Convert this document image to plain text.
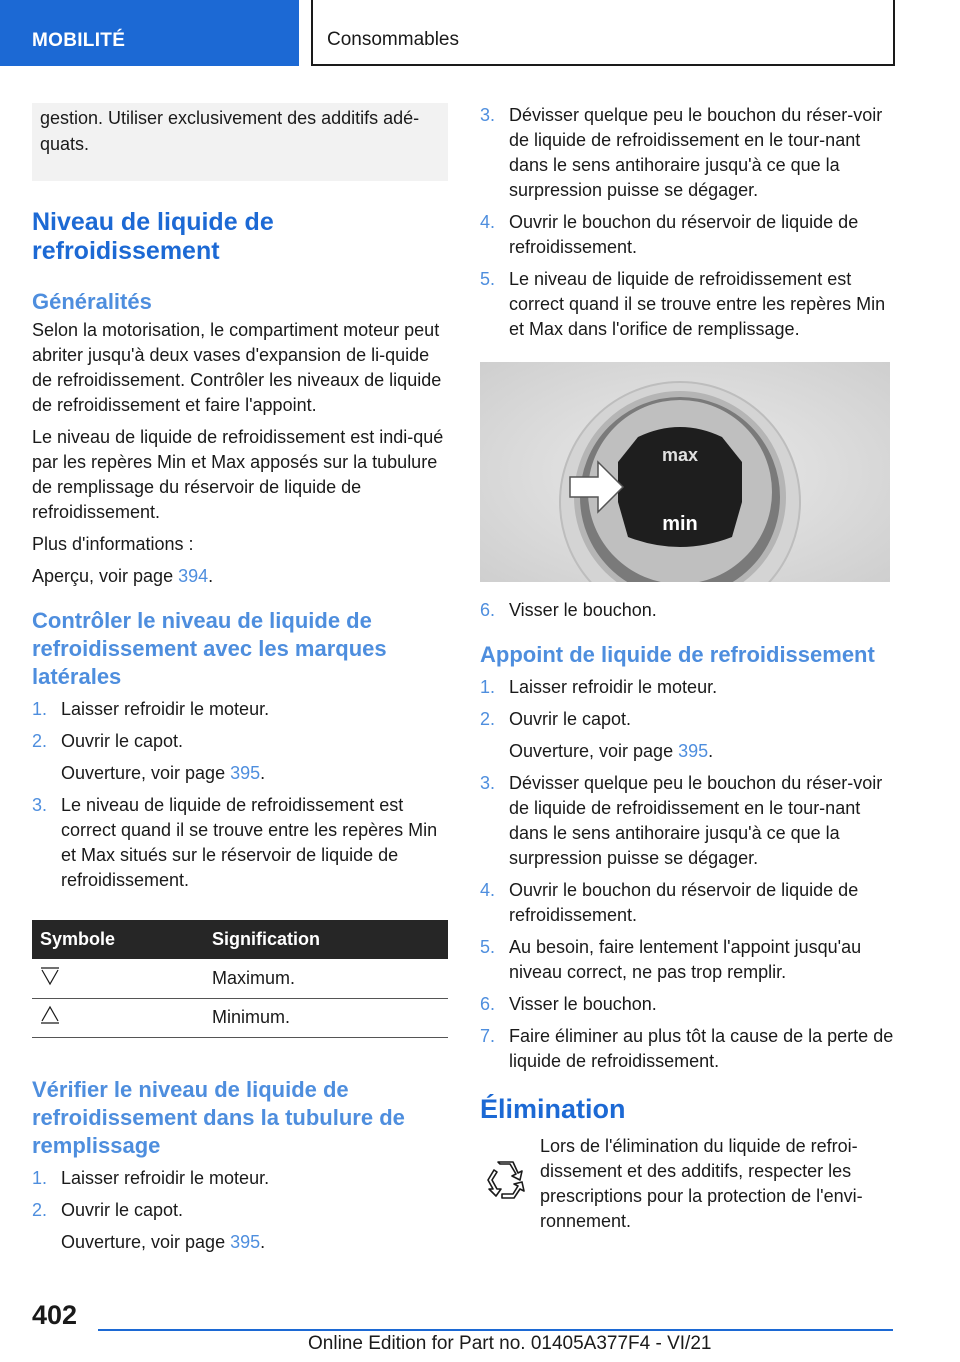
MOBILITÉ	Consommables
gestion. Utiliser exclusivement des additifs adé-quats.
Niveau de liquide de refroidissement
Généralités

Selon la motorisation, le compartiment moteur peut abriter jusqu'à deux vases d'expansion de li-quide de refroidissement. Contrôler les niveaux de liquide de refroidissement et faire l'appoint.

Le niveau de liquide de refroidissement est indi-qué par les repères Min et Max apposés sur la tubulure de remplissage du réservoir de liquide de refroidissement.

Plus d'informations :

Aperçu, voir page 394.

Contrôler le niveau de liquide de refroidissement avec les marques latérales
1. Laisser refroidir le moteur.
2. Ouvrir le capot.
Ouverture, voir page 395.
3. Le niveau de liquide de refroidissement est correct quand il se trouve entre les repères Min et Max situés sur le réservoir de liquide de refroidissement.
Symbole	Signification
	Maximum.
	Minimum.
Vérifier le niveau de liquide de refroidissement dans la tubulure de remplissage
1. Laisser refroidir le moteur.
2. Ouvrir le capot.
Ouverture, voir page 395.
3. Dévisser quelque peu le bouchon du réser-voir de liquide de refroidissement en le tour-nant dans le sens antihoraire jusqu'à ce que la surpression puisse se dégager.
4. Ouvrir le bouchon du réservoir de liquide de refroidissement.
5. Le niveau de liquide de refroidissement est correct quand il se trouve entre les repères Min et Max dans l'orifice de remplissage.
max
min
6. Visser le bouchon.
Appoint de liquide de refroidissement
1. Laisser refroidir le moteur.
2. Ouvrir le capot.
Ouverture, voir page 395.
3. Dévisser quelque peu le bouchon du réser-voir de liquide de refroidissement en le tour-nant dans le sens antihoraire jusqu'à ce que la surpression puisse se dégager.
4. Ouvrir le bouchon du réservoir de liquide de refroidissement.
5. Au besoin, faire lentement l'appoint jusqu'au niveau correct, ne pas trop remplir.
6. Visser le bouchon.
7. Faire éliminer au plus tôt la cause de la perte de liquide de refroidissement.
Élimination
Lors de l'élimination du liquide de refroi-dissement et des additifs, respecter les prescriptions pour la protection de l'envi-ronnement.
402
Online Edition for Part no. 01405A377F4 - VI/21
